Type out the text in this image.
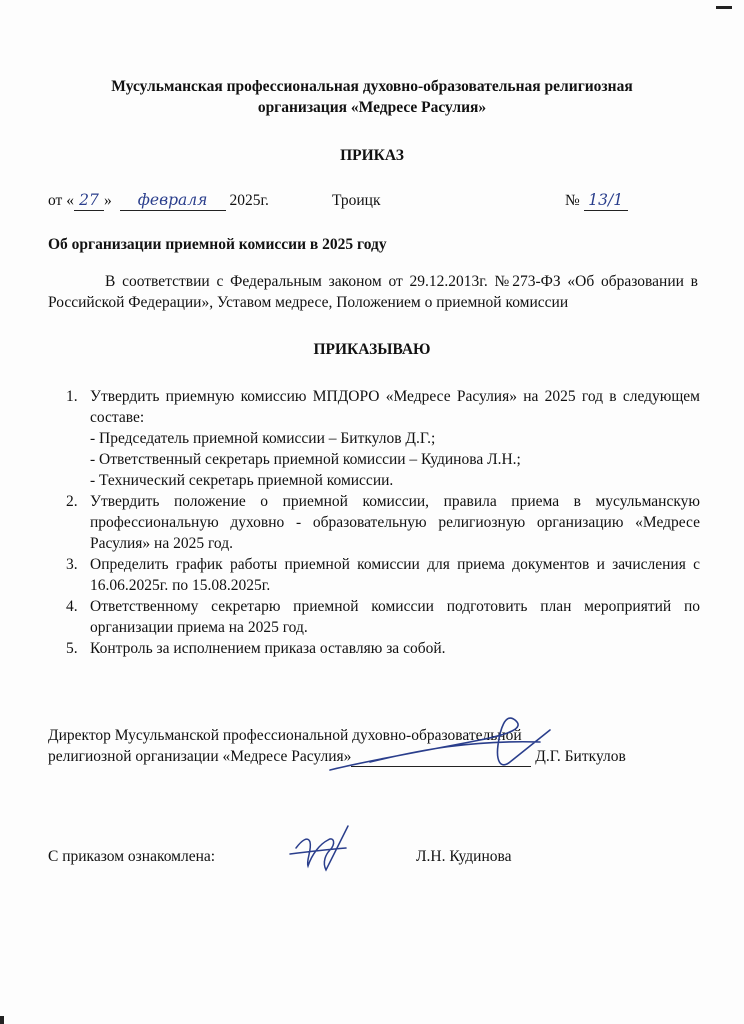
Мусульманская профессиональная духовно-образовательная религиозная
организация «Медресе Расулия»
ПРИКАЗ
от « 27 » февраля 2025г.	Троицк	№ 13/1
Об организации приемной комиссии в 2025 году
В соответствии с Федеральным законом от 29.12.2013г. №273-ФЗ «Об образовании в Российской Федерации», Уставом медресе, Положением о приемной комиссии
ПРИКАЗЫВАЮ
1. Утвердить приемную комиссию МПДОРО «Медресе Расулия» на 2025 год в следующем составе:
- Председатель приемной комиссии – Биткулов Д.Г.;
- Ответственный секретарь приемной комиссии – Кудинова Л.Н.;
- Технический секретарь приемной комиссии.
2. Утвердить положение о приемной комиссии, правила приема в мусульманскую профессиональную духовно - образовательную религиозную организацию «Медресе Расулия» на 2025 год.
3. Определить график работы приемной комиссии для приема документов и зачисления с 16.06.2025г. по 15.08.2025г.
4. Ответственному секретарю приемной комиссии подготовить план мероприятий по организации приема на 2025 год.
5. Контроль за исполнением приказа оставляю за собой.
Директор Мусульманской профессиональной духовно-образовательной
религиозной организации «Медресе Расулия»	Д.Г. Биткулов
С приказом ознакомлена:	Л.Н. Кудинова
